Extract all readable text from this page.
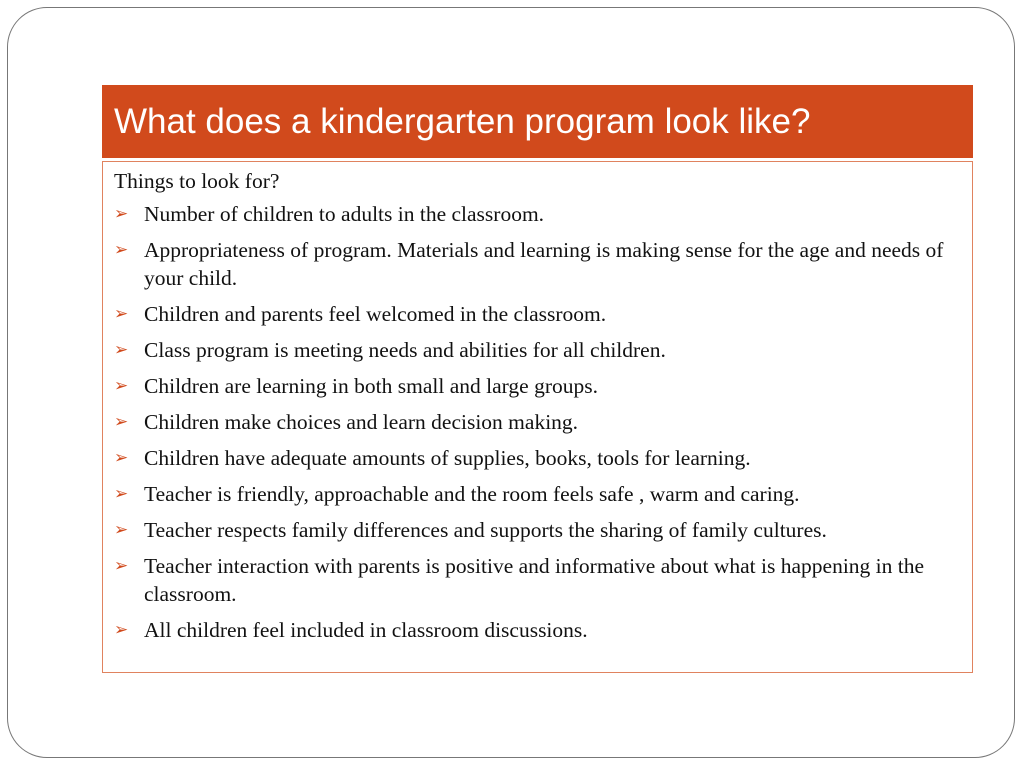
What does a kindergarten program look like?
Things to look for?
➢ Number of children to adults in the classroom.
➢ Appropriateness of program. Materials and learning is making sense for the age and needs of your child.
➢ Children and parents feel welcomed in the classroom.
➢ Class program is meeting needs and abilities for all children.
➢ Children are learning in both small and large groups.
➢ Children make choices and learn decision making.
➢ Children have adequate amounts of supplies, books, tools for learning.
➢ Teacher is friendly, approachable and the room feels safe , warm and caring.
➢ Teacher respects family differences and supports the sharing of family cultures.
➢ Teacher interaction with parents is positive and informative about what is happening in the classroom.
➢ All children feel included in classroom discussions.
